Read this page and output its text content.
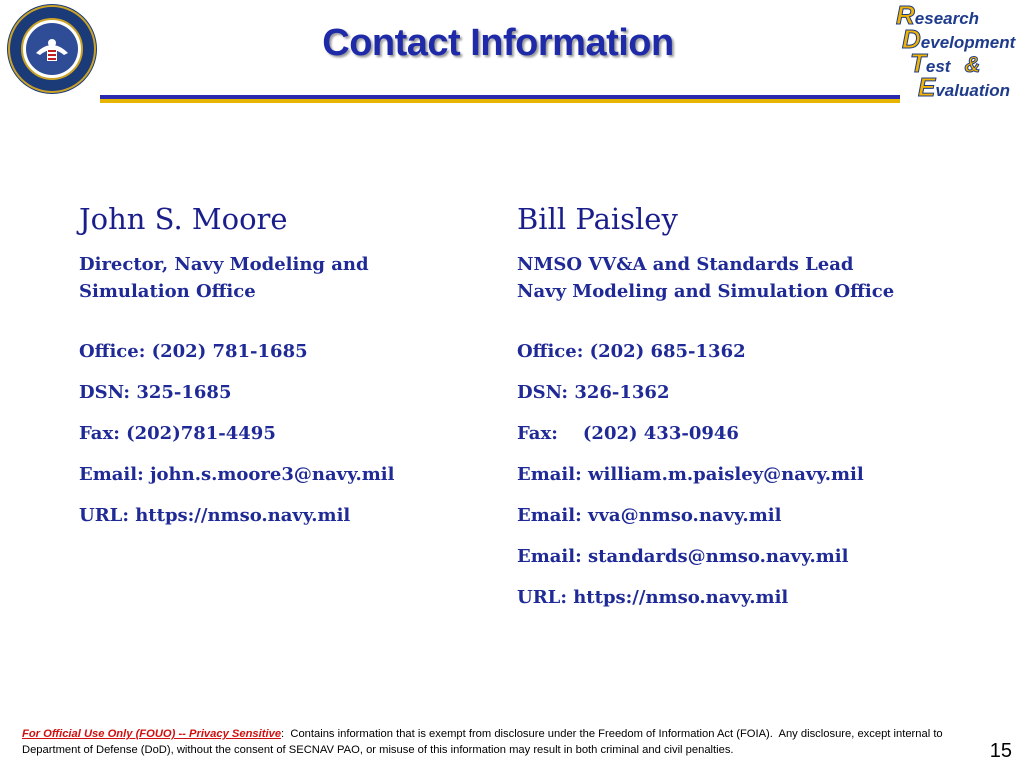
Contact Information
Research
Development
Test &
Evaluation
John S. Moore
Director, Navy Modeling and
Simulation Office
Office: (202) 781-1685
DSN: 325-1685
Fax: (202)781-4495
Email: john.s.moore3@navy.mil
URL: https://nmso.navy.mil
Bill Paisley
NMSO VV&A and Standards Lead
Navy Modeling and Simulation Office
Office: (202) 685-1362
DSN: 326-1362
Fax:    (202) 433-0946
Email: william.m.paisley@navy.mil
Email: vva@nmso.navy.mil
Email: standards@nmso.navy.mil
URL: https://nmso.navy.mil
For Official Use Only (FOUO) -- Privacy Sensitive:  Contains information that is exempt from disclosure under the Freedom of Information Act (FOIA).  Any disclosure, except internal to Department of Defense (DoD), without the consent of SECNAV PAO, or misuse of this information may result in both criminal and civil penalties.	15
